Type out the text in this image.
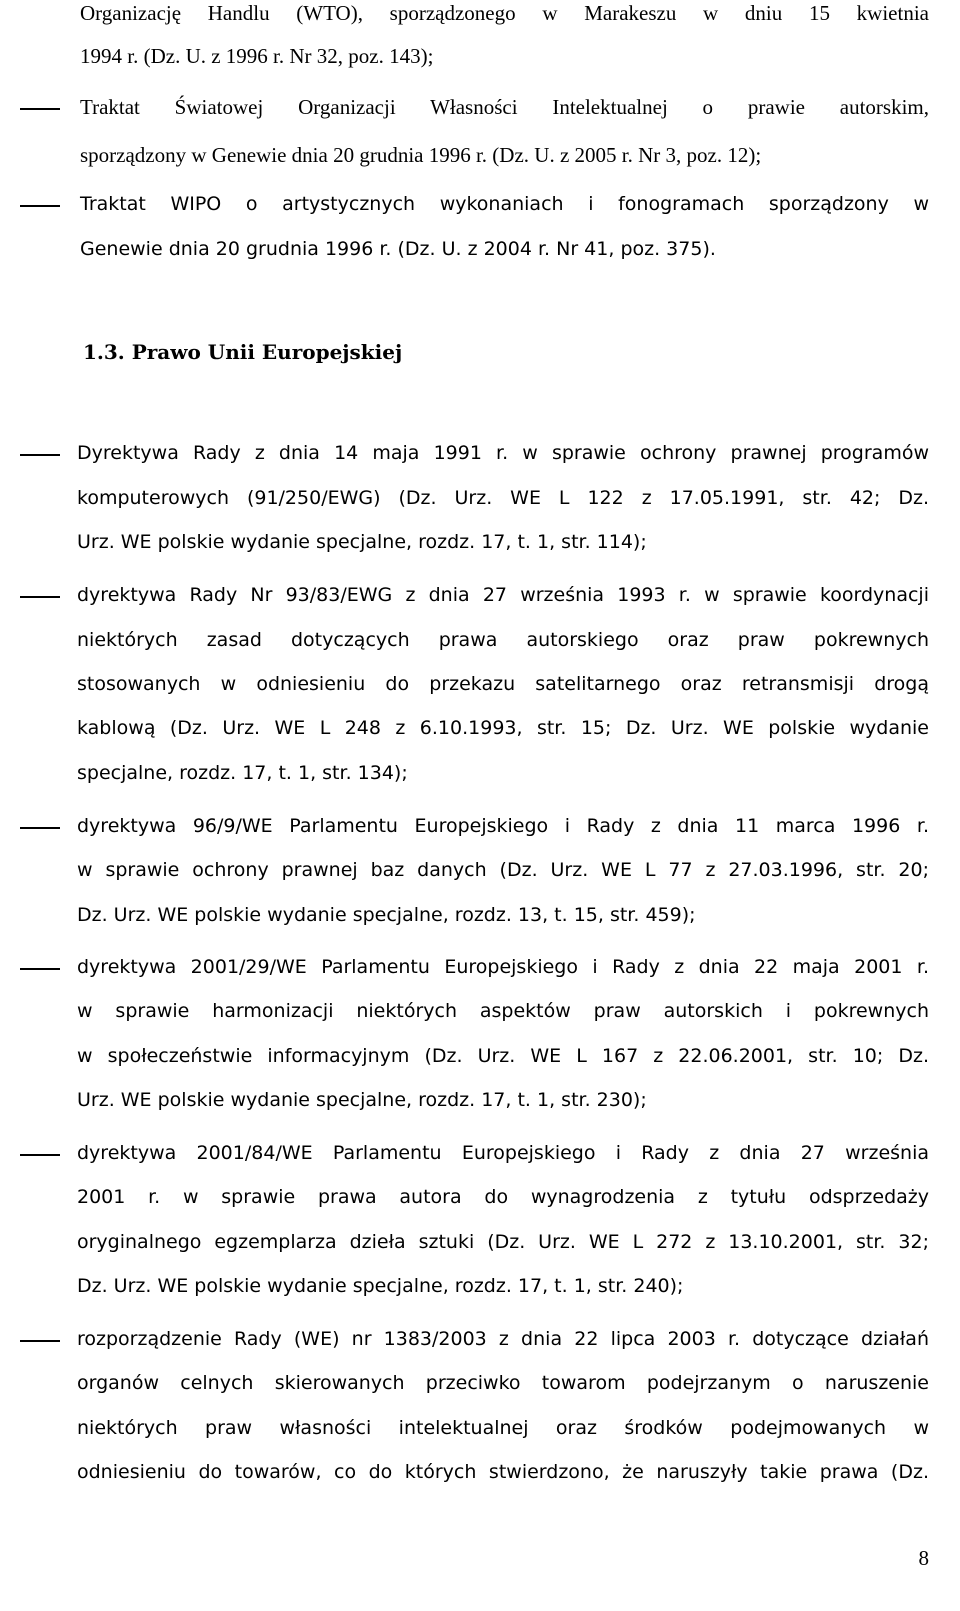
Organizację Handlu (WTO), sporządzonego w Marakeszu w dniu 15 kwietnia
1994 r. (Dz. U. z 1996 r. Nr 32, poz. 143);
Traktat Światowej Organizacji Własności Intelektualnej o prawie autorskim,
sporządzony w Genewie dnia 20 grudnia 1996 r. (Dz. U. z 2005 r. Nr 3, poz. 12);
Traktat WIPO o artystycznych wykonaniach i fonogramach sporządzony w
Genewie dnia 20 grudnia 1996 r. (Dz. U. z 2004 r. Nr 41, poz. 375).
Dyrektywa Rady z dnia 14 maja 1991 r. w sprawie ochrony prawnej programów
komputerowych (91/250/EWG) (Dz. Urz. WE L 122 z 17.05.1991, str. 42; Dz.
Urz. WE polskie wydanie specjalne, rozdz. 17, t. 1, str. 114);
dyrektywa Rady Nr 93/83/EWG z dnia 27 września 1993 r. w sprawie koordynacji
niektórych zasad dotyczących prawa autorskiego oraz praw pokrewnych
stosowanych w odniesieniu do przekazu satelitarnego oraz retransmisji drogą
kablową (Dz. Urz. WE L 248 z 6.10.1993, str. 15; Dz. Urz. WE polskie wydanie
specjalne, rozdz. 17, t. 1, str. 134);
dyrektywa 96/9/WE Parlamentu Europejskiego i Rady z dnia 11 marca 1996 r.
w sprawie ochrony prawnej baz danych (Dz. Urz. WE L 77 z 27.03.1996, str. 20;
Dz. Urz. WE polskie wydanie specjalne, rozdz. 13, t. 15, str. 459);
dyrektywa 2001/29/WE Parlamentu Europejskiego i Rady z dnia 22 maja 2001 r.
w sprawie harmonizacji niektórych aspektów praw autorskich i pokrewnych
w społeczeństwie informacyjnym (Dz. Urz. WE L 167 z 22.06.2001, str. 10; Dz.
Urz. WE polskie wydanie specjalne, rozdz. 17, t. 1, str. 230);
dyrektywa 2001/84/WE Parlamentu Europejskiego i Rady z dnia 27 września
2001 r. w sprawie prawa autora do wynagrodzenia z tytułu odsprzedaży
oryginalnego egzemplarza dzieła sztuki (Dz. Urz. WE L 272 z 13.10.2001, str. 32;
Dz. Urz. WE polskie wydanie specjalne, rozdz. 17, t. 1, str. 240);
rozporządzenie Rady (WE) nr 1383/2003 z dnia 22 lipca 2003 r. dotyczące działań
organów celnych skierowanych przeciwko towarom podejrzanym o naruszenie
niektórych praw własności intelektualnej oraz środków podejmowanych w
odniesieniu do towarów, co do których stwierdzono, że naruszyły takie prawa (Dz.
1.3. Prawo Unii Europejskiej
8
